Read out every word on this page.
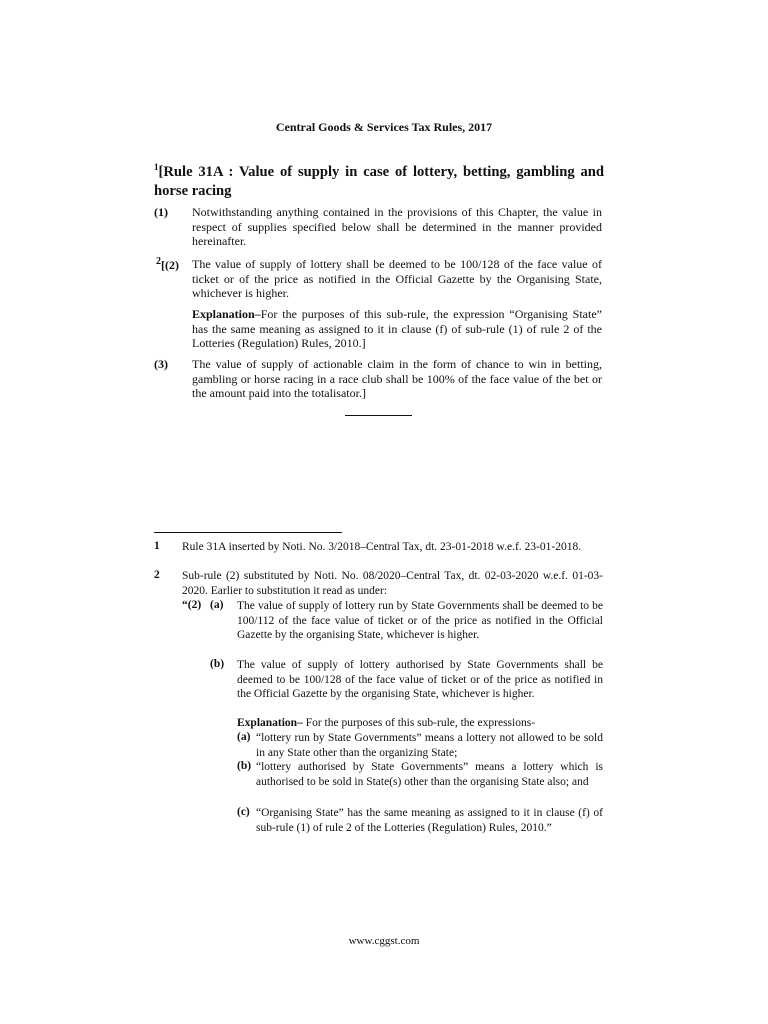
Central Goods & Services Tax Rules, 2017
$^1$[Rule 31A : Value of supply in case of lottery, betting, gambling and horse racing
(1) Notwithstanding anything contained in the provisions of this Chapter, the value in respect of supplies specified below shall be determined in the manner provided hereinafter.
$^2$[(2) The value of supply of lottery shall be deemed to be 100/128 of the face value of ticket or of the price as notified in the Official Gazette by the Organising State, whichever is higher.
Explanation–For the purposes of this sub-rule, the expression “Organising State” has the same meaning as assigned to it in clause (f) of sub-rule (1) of rule 2 of the Lotteries (Regulation) Rules, 2010.]
(3) The value of supply of actionable claim in the form of chance to win in betting, gambling or horse racing in a race club shall be 100% of the face value of the bet or the amount paid into the totalisator.]
1 Rule 31A inserted by Noti. No. 3/2018–Central Tax, dt. 23-01-2018 w.e.f. 23-01-2018.
2 Sub-rule (2) substituted by Noti. No. 08/2020–Central Tax, dt. 02-03-2020 w.e.f. 01-03-2020. Earlier to substitution it read as under:
“(2) (a) The value of supply of lottery run by State Governments shall be deemed to be 100/112 of the face value of ticket or of the price as notified in the Official Gazette by the organising State, whichever is higher.
(b) The value of supply of lottery authorised by State Governments shall be deemed to be 100/128 of the face value of ticket or of the price as notified in the Official Gazette by the organising State, whichever is higher.
Explanation– For the purposes of this sub-rule, the expressions-
(a) “lottery run by State Governments” means a lottery not allowed to be sold in any State other than the organizing State;
(b) “lottery authorised by State Governments” means a lottery which is authorised to be sold in State(s) other than the organising State also; and
(c) “Organising State” has the same meaning as assigned to it in clause (f) of sub-rule (1) of rule 2 of the Lotteries (Regulation) Rules, 2010.”
www.cggst.com
